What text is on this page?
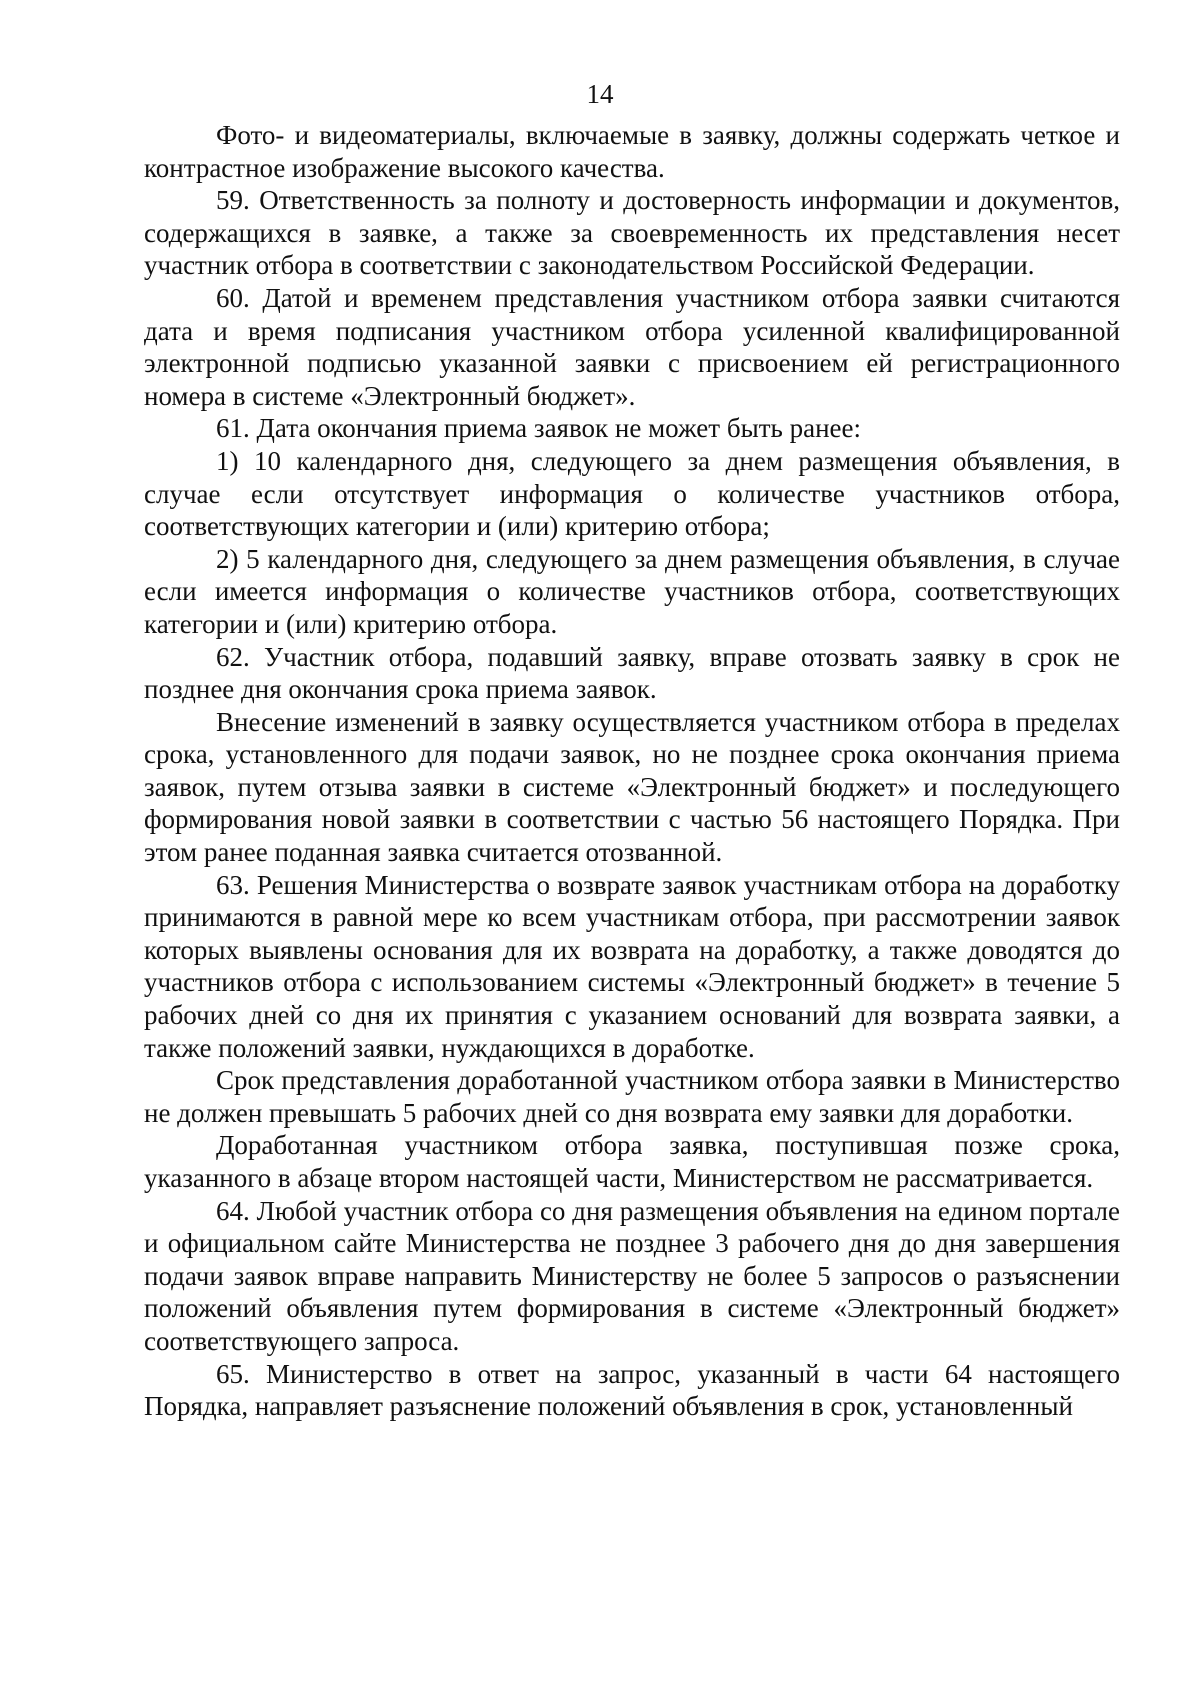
14

Фото- и видеоматериалы, включаемые в заявку, должны содержать четкое и контрастное изображение высокого качества.

59. Ответственность за полноту и достоверность информации и документов, содержащихся в заявке, а также за своевременность их представления несет участник отбора в соответствии с законодательством Российской Федерации.

60. Датой и временем представления участником отбора заявки считаются дата и время подписания участником отбора усиленной квалифицированной электронной подписью указанной заявки с присвоением ей регистрационного номера в системе «Электронный бюджет».

61. Дата окончания приема заявок не может быть ранее:

1) 10 календарного дня, следующего за днем размещения объявления, в случае если отсутствует информация о количестве участников отбора, соответствующих категории и (или) критерию отбора;

2) 5 календарного дня, следующего за днем размещения объявления, в случае если имеется информация о количестве участников отбора, соответствующих категории и (или) критерию отбора.

62. Участник отбора, подавший заявку, вправе отозвать заявку в срок не позднее дня окончания срока приема заявок.

Внесение изменений в заявку осуществляется участником отбора в пределах срока, установленного для подачи заявок, но не позднее срока окончания приема заявок, путем отзыва заявки в системе «Электронный бюджет» и последующего формирования новой заявки в соответствии с частью 56 настоящего Порядка. При этом ранее поданная заявка считается отозванной.

63. Решения Министерства о возврате заявок участникам отбора на доработку принимаются в равной мере ко всем участникам отбора, при рассмотрении заявок которых выявлены основания для их возврата на доработку, а также доводятся до участников отбора с использованием системы «Электронный бюджет» в течение 5 рабочих дней со дня их принятия с указанием оснований для возврата заявки, а также положений заявки, нуждающихся в доработке.

Срок представления доработанной участником отбора заявки в Министерство не должен превышать 5 рабочих дней со дня возврата ему заявки для доработки.

Доработанная участником отбора заявка, поступившая позже срока, указанного в абзаце втором настоящей части, Министерством не рассматривается.

64. Любой участник отбора со дня размещения объявления на едином портале и официальном сайте Министерства не позднее 3 рабочего дня до дня завершения подачи заявок вправе направить Министерству не более 5 запросов о разъяснении положений объявления путем формирования в системе «Электронный бюджет» соответствующего запроса.

65. Министерство в ответ на запрос, указанный в части 64 настоящего Порядка, направляет разъяснение положений объявления в срок, установленный
